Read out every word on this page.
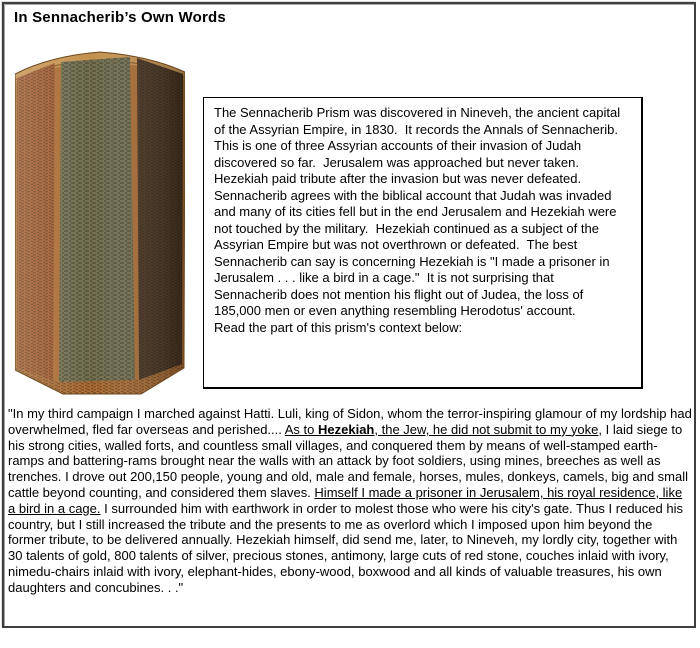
In Sennacherib’s Own Words
The Sennacherib Prism was discovered in Nineveh, the ancient capital of the Assyrian Empire, in 1830.  It records the Annals of Sennacherib.  This is one of three Assyrian accounts of their invasion of Judah discovered so far.  Jerusalem was approached but never taken.  Hezekiah paid tribute after the invasion but was never defeated.  Sennacherib agrees with the biblical account that Judah was invaded and many of its cities fell but in the end Jerusalem and Hezekiah were not touched by the military.  Hezekiah continued as a subject of the Assyrian Empire but was not overthrown or defeated.  The best Sennacherib can say is concerning Hezekiah is "I made a prisoner in Jerusalem . . . like a bird in a cage."  It is not surprising that Sennacherib does not mention his flight out of Judea, the loss of 185,000 men or even anything resembling Herodotus' account.
Read the part of this prism's context below:
"In my third campaign I marched against Hatti. Luli, king of Sidon, whom the terror-inspiring glamour of my lordship had overwhelmed, fled far overseas and perished.... As to Hezekiah, the Jew, he did not submit to my yoke, I laid siege to his strong cities, walled forts, and countless small villages, and conquered them by means of well-stamped earth-ramps and battering-rams brought near the walls with an attack by foot soldiers, using mines, breeches as well as trenches. I drove out 200,150 people, young and old, male and female, horses, mules, donkeys, camels, big and small cattle beyond counting, and considered them slaves. Himself I made a prisoner in Jerusalem, his royal residence, like a bird in a cage. I surrounded him with earthwork in order to molest those who were his city's gate. Thus I reduced his country, but I still increased the tribute and the presents to me as overlord which I imposed upon him beyond the former tribute, to be delivered annually. Hezekiah himself, did send me, later, to Nineveh, my lordly city, together with 30 talents of gold, 800 talents of silver, precious stones, antimony, large cuts of red stone, couches inlaid with ivory, nimedu-chairs inlaid with ivory, elephant-hides, ebony-wood, boxwood and all kinds of valuable treasures, his own daughters and concubines. . ."
